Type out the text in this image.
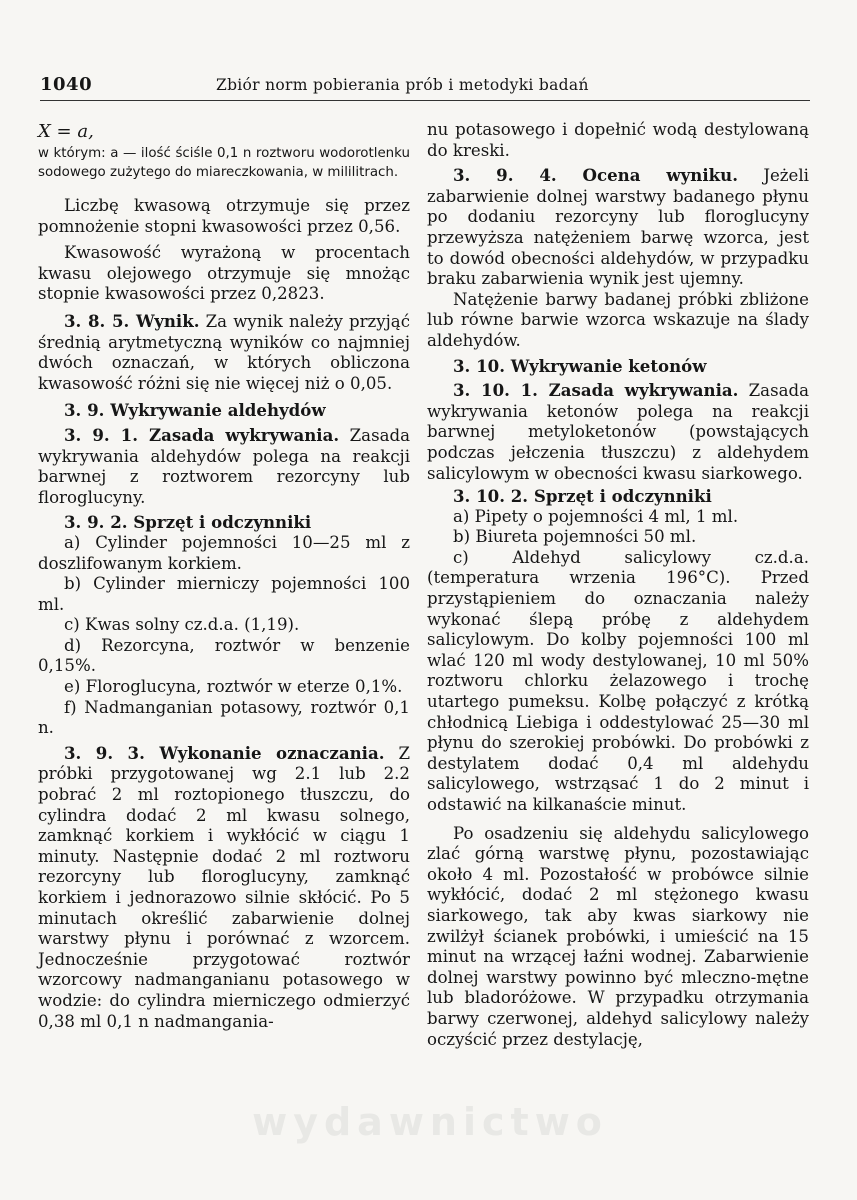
1040	Zbiór norm pobierania prób i metodyki badań

X = a,

w którym: a — ilość ściśle 0,1 n roztworu wodorotlenku sodowego zużytego do miareczkowania, w mililitrach.

Liczbę kwasową otrzymuje się przez pomnożenie stopni kwasowości przez 0,56.

Kwasowość wyrażoną w procentach kwasu olejowego otrzymuje się mnożąc stopnie kwasowości przez 0,2823.

3. 8. 5. Wynik. Za wynik należy przyjąć średnią arytmetyczną wyników co najmniej dwóch oznaczań, w których obliczona kwasowość różni się nie więcej niż o 0,05.

3. 9. Wykrywanie aldehydów

3. 9. 1. Zasada wykrywania. Zasada wykrywania aldehydów polega na reakcji barwnej z roztworem rezorcyny lub floroglucyny.

3. 9. 2. Sprzęt i odczynniki

a) Cylinder pojemności 10—25 ml z doszlifowanym korkiem.

b) Cylinder mierniczy pojemności 100 ml.

c) Kwas solny cz.d.a. (1,19).

d) Rezorcyna, roztwór w benzenie 0,15%.

e) Floroglucyna, roztwór w eterze 0,1%.

f) Nadmanganian potasowy, roztwór 0,1 n.

3. 9. 3. Wykonanie oznaczania. Z próbki przygotowanej wg 2.1 lub 2.2 pobrać 2 ml roztopionego tłuszczu, do cylindra dodać 2 ml kwasu solnego, zamknąć korkiem i wykłócić w ciągu 1 minuty. Następnie dodać 2 ml roztworu rezorcyny lub floroglucyny, zamknąć korkiem i jednorazowo silnie skłócić. Po 5 minutach określić zabarwienie dolnej warstwy płynu i porównać z wzorcem. Jednocześnie przygotować roztwór wzorcowy nadmanganianu potasowego w wodzie: do cylindra mierniczego odmierzyć 0,38 ml 0,1 n nadmanganiа-

nu potasowego i dopełnić wodą destylowaną do kreski.

3. 9. 4. Ocena wyniku. Jeżeli zabarwienie dolnej warstwy badanego płynu po dodaniu rezorcyny lub floroglucyny przewyższa natężeniem barwę wzorca, jest to dowód obecności aldehydów, w przypadku braku zabarwienia wynik jest ujemny.

Natężenie barwy badanej próbki zbliżone lub równe barwie wzorca wskazuje na ślady aldehydów.

3. 10. Wykrywanie ketonów

3. 10. 1. Zasada wykrywania. Zasada wykrywania ketonów polega na reakcji barwnej metyloketonów (powstających podczas jełczenia tłuszczu) z aldehydem salicylowym w obecności kwasu siarkowego.

3. 10. 2. Sprzęt i odczynniki

a) Pipety o pojemności 4 ml, 1 ml.

b) Biureta pojemności 50 ml.

c) Aldehyd salicylowy cz.d.a. (temperatura wrzenia 196°C). Przed przystąpieniem do oznaczania należy wykonać ślepą próbę z aldehydem salicylowym. Do kolby pojemności 100 ml wlać 120 ml wody destylowanej, 10 ml 50% roztworu chlorku żelazowego i trochę utartego pumeksu. Kolbę połączyć z krótką chłodnicą Liebiga i oddestylować 25—30 ml płynu do szerokiej probówki. Do probówki z destylatem dodać 0,4 ml aldehydu salicylowego, wstrząsać 1 do 2 minut i odstawić na kilkanaście minut.

Po osadzeniu się aldehydu salicylowego zlać górną warstwę płynu, pozostawiając około 4 ml. Pozostałość w probówce silnie wykłócić, dodać 2 ml stężonego kwasu siarkowego, tak aby kwas siarkowy nie zwilżył ścianek probówki, i umieścić na 15 minut na wrzącej łaźni wodnej. Zabarwienie dolnej warstwy powinno być mleczno-mętne lub bladoróżowe. W przypadku otrzymania barwy czerwonej, aldehyd salicylowy należy oczyścić przez destylację,

wydawnictwo
